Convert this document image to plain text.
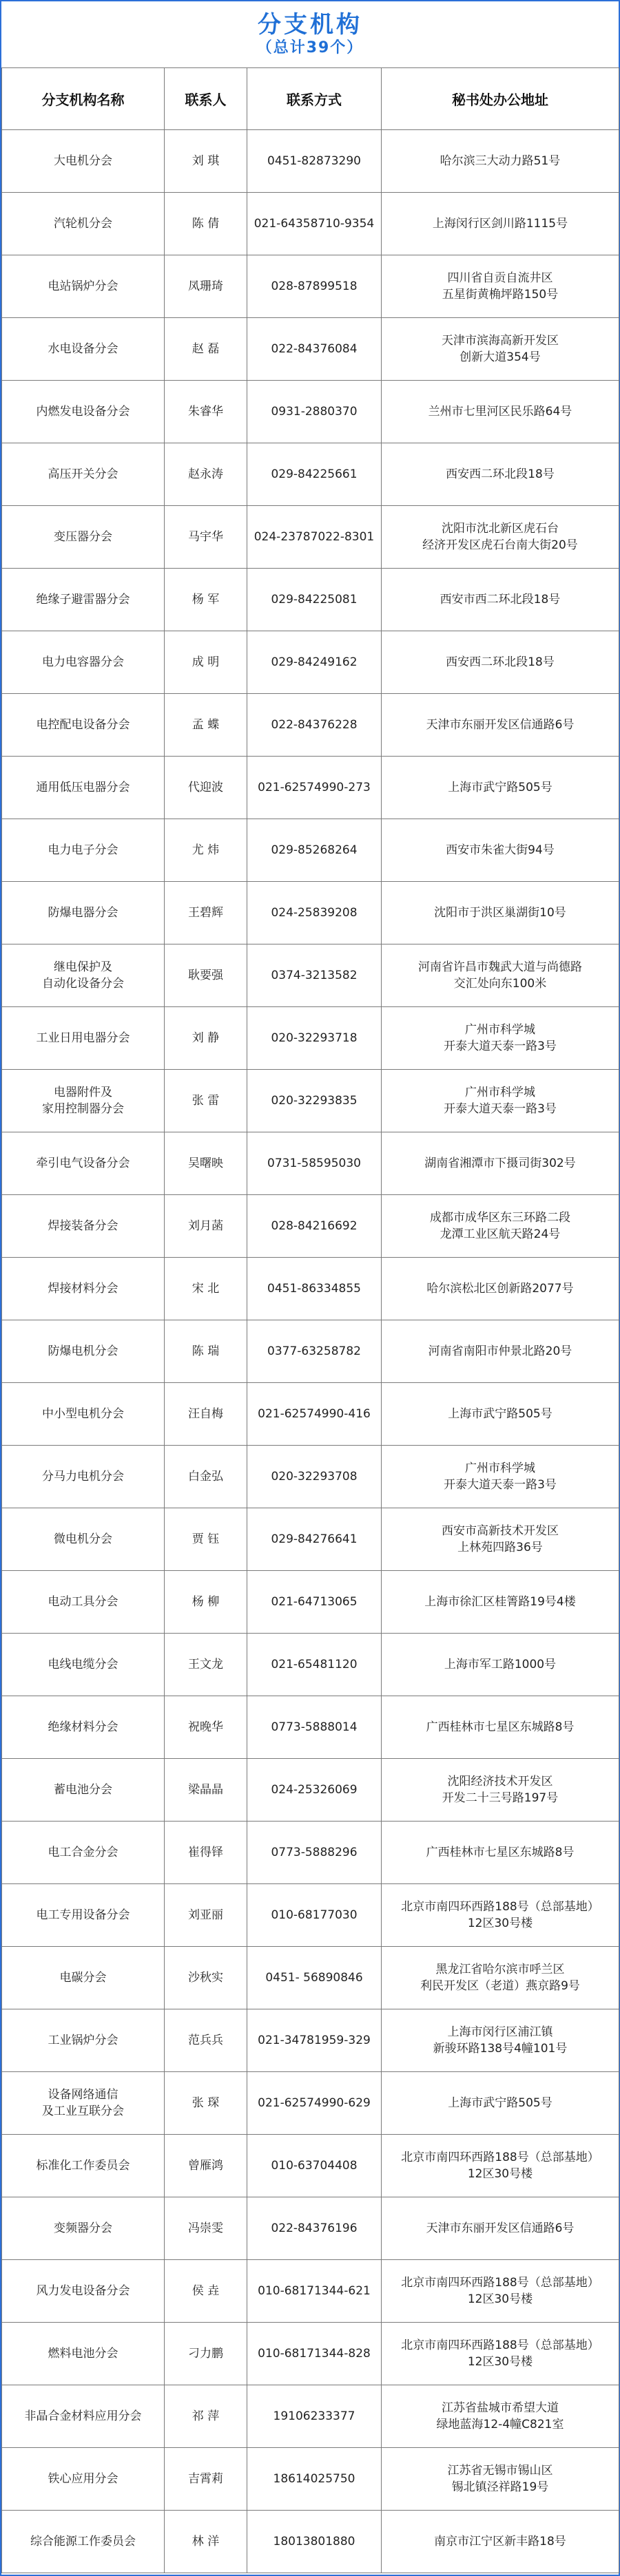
分支机构
（总计39个）
分支机构名称	联系人	联系方式	秘书处办公地址

大电机分会	刘 琪	0451-82873290	哈尔滨三大动力路51号

汽轮机分会	陈 倩	021-64358710-9354	上海闵行区剑川路1115号

电站锅炉分会	凤珊琦	028-87899518	四川省自贡自流井区
五星街黄桷坪路150号

水电设备分会	赵 磊	022-84376084	天津市滨海高新开发区
创新大道354号

内燃发电设备分会	朱睿华	0931-2880370	兰州市七里河区民乐路64号

高压开关分会	赵永涛	029-84225661	西安西二环北段18号

变压器分会	马宇华	024-23787022-8301	沈阳市沈北新区虎石台
经济开发区虎石台南大街20号

绝缘子避雷器分会	杨 军	029-84225081	西安市西二环北段18号

电力电容器分会	成 明	029-84249162	西安西二环北段18号

电控配电设备分会	孟 蝶	022-84376228	天津市东丽开发区信通路6号

通用低压电器分会	代迎波	021-62574990-273	上海市武宁路505号

电力电子分会	尤 炜	029-85268264	西安市朱雀大街94号

防爆电器分会	王碧辉	024-25839208	沈阳市于洪区巢湖街10号

继电保护及
自动化设备分会	耿要强	0374-3213582	河南省许昌市魏武大道与尚德路
交汇处向东100米

工业日用电器分会	刘 静	020-32293718	广州市科学城
开泰大道天泰一路3号

电器附件及
家用控制器分会	张 雷	020-32293835	广州市科学城
开泰大道天泰一路3号

牵引电气设备分会	吴曙映	0731-58595030	湖南省湘潭市下摄司街302号

焊接装备分会	刘月菡	028-84216692	成都市成华区东三环路二段
龙潭工业区航天路24号

焊接材料分会	宋 北	0451-86334855	哈尔滨松北区创新路2077号

防爆电机分会	陈 瑞	0377-63258782	河南省南阳市仲景北路20号

中小型电机分会	汪自梅	021-62574990-416	上海市武宁路505号

分马力电机分会	白金弘	020-32293708	广州市科学城
开泰大道天泰一路3号

微电机分会	贾 钰	029-84276641	西安市高新技术开发区
上林苑四路36号

电动工具分会	杨 柳	021-64713065	上海市徐汇区桂箐路19号4楼

电线电缆分会	王文龙	021-65481120	上海市军工路1000号

绝缘材料分会	祝晚华	0773-5888014	广西桂林市七星区东城路8号

蓄电池分会	梁晶晶	024-25326069	沈阳经济技术开发区
开发二十三号路197号

电工合金分会	崔得铎	0773-5888296	广西桂林市七星区东城路8号

电工专用设备分会	刘亚丽	010-68177030	北京市南四环西路188号（总部基地）
12区30号楼

电碳分会	沙秋实	0451- 56890846	黑龙江省哈尔滨市呼兰区
利民开发区（老道）燕京路9号

工业锅炉分会	范兵兵	021-34781959-329	上海市闵行区浦江镇
新骏环路138号4幢101号

设备网络通信
及工业互联分会	张 琛	021-62574990-629	上海市武宁路505号

标准化工作委员会	曾雁鸿	010-63704408	北京市南四环西路188号（总部基地）
12区30号楼

变频器分会	冯崇雯	022-84376196	天津市东丽开发区信通路6号

风力发电设备分会	侯 垚	010-68171344-621	北京市南四环西路188号（总部基地）
12区30号楼

燃料电池分会	刁力鹏	010-68171344-828	北京市南四环西路188号（总部基地）
12区30号楼

非晶合金材料应用分会	祁 萍	19106233377	江苏省盐城市希望大道
绿地蓝海12-4幢C821室

铁心应用分会	吉霄莉	18614025750	江苏省无锡市锡山区
锡北镇泾祥路19号

综合能源工作委员会	林 洋	18013801880	南京市江宁区新丰路18号
